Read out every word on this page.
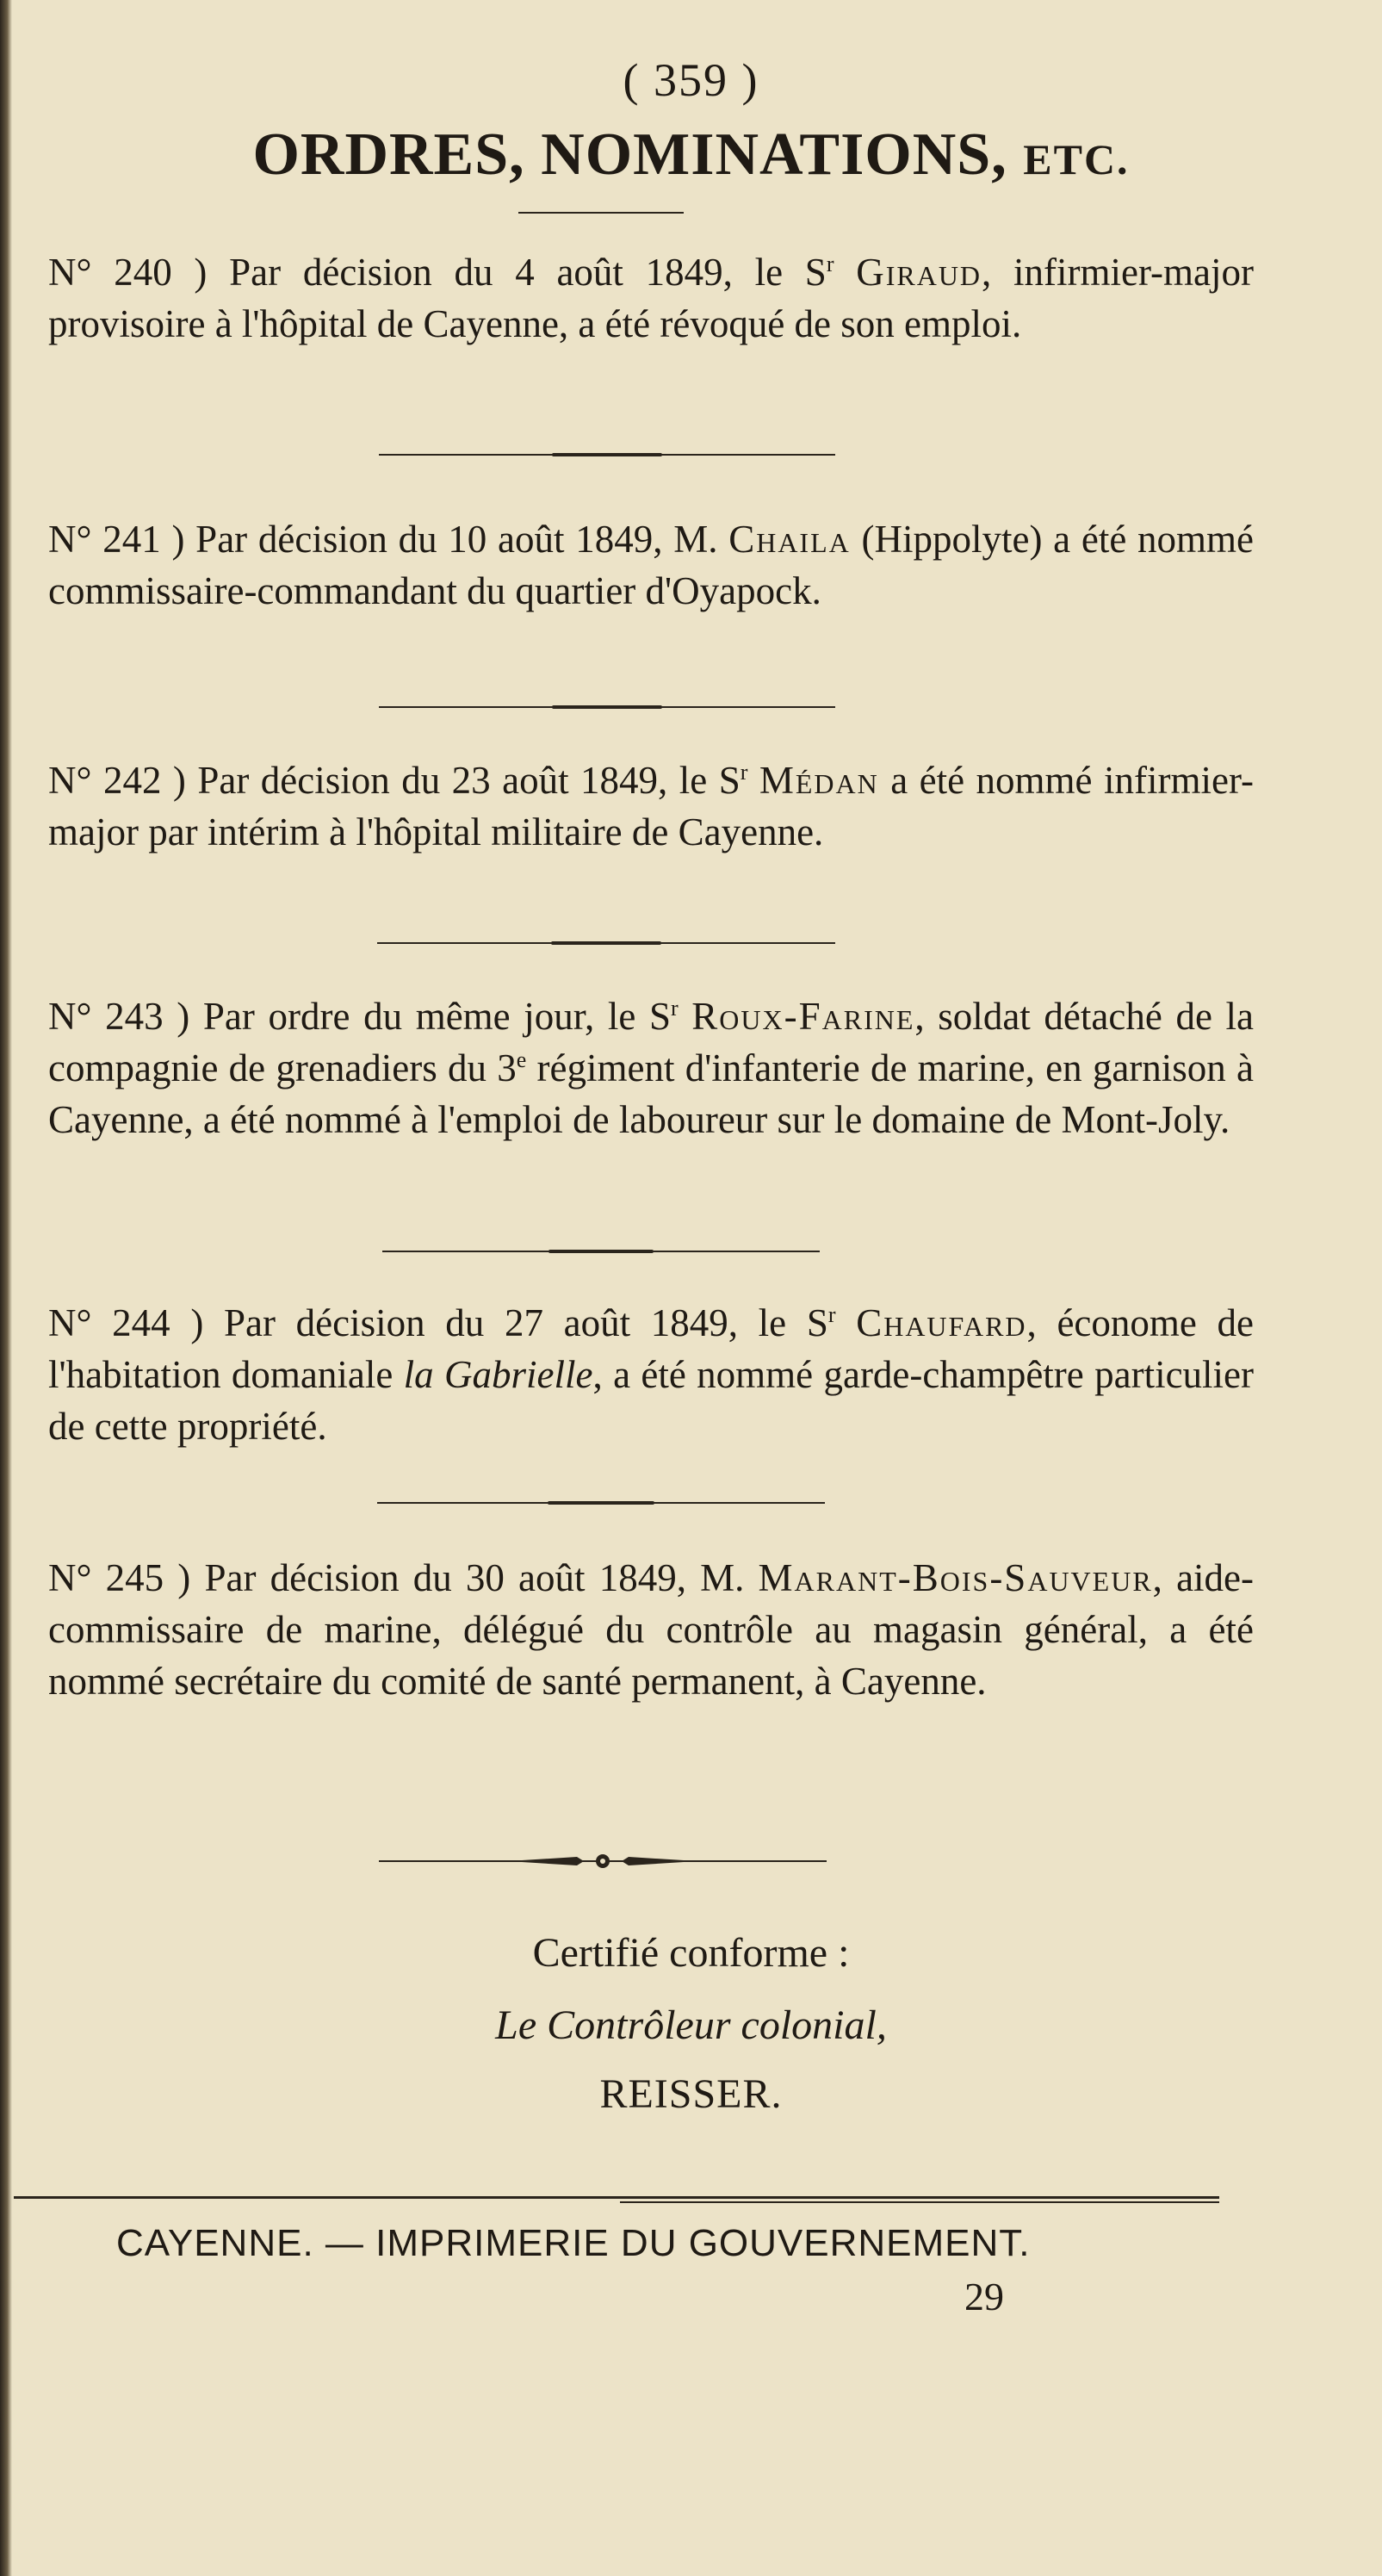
( 359 )
ORDRES, NOMINATIONS, ETC.
N° 240 ) Par décision du 4 août 1849, le $S^r$ Giraud, infirmier-major provisoire à l'hôpital de Cayenne, a été révoqué de son emploi.
N° 241 ) Par décision du 10 août 1849, M. Chaila (Hippolyte) a été nommé commissaire-commandant du quartier d'Oyapock.
N° 242 ) Par décision du 23 août 1849, le $S^r$ Médan a été nommé infirmier-major par intérim à l'hôpital militaire de Cayenne.
N° 243 ) Par ordre du même jour, le $S^r$ Roux-Farine, soldat détaché de la compagnie de grenadiers du 3e régiment d'infanterie de marine, en garnison à Cayenne, a été nommé à l'emploi de laboureur sur le domaine de Mont-Joly.
N° 244 ) Par décision du 27 août 1849, le $S^r$ Chaufard, économe de l'habitation domaniale la Gabrielle, a été nommé garde-champêtre particulier de cette propriété.
N° 245 ) Par décision du 30 août 1849, M. Marant-Bois-Sauveur, aide-commissaire de marine, délégué du contrôle au magasin général, a été nommé secrétaire du comité de santé permanent, à Cayenne.
Certifié conforme :
Le Contrôleur colonial,
REISSER.
CAYENNE. — IMPRIMERIE DU GOUVERNEMENT.
29
